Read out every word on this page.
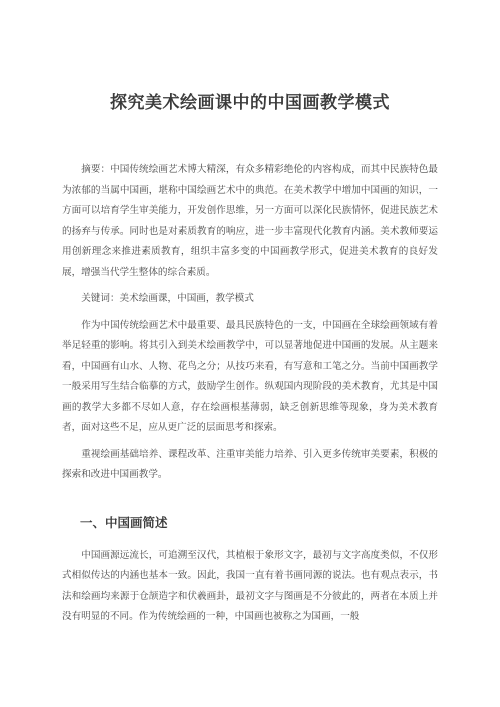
探究美术绘画课中的中国画教学模式

摘要：中国传统绘画艺术博大精深，有众多精彩绝伦的内容构成，而其中民族特色最为浓郁的当属中国画，堪称中国绘画艺术中的典范。在美术教学中增加中国画的知识，一方面可以培育学生审美能力，开发创作思维，另一方面可以深化民族情怀，促进民族艺术的扬弃与传承。同时也是对素质教育的响应，进一步丰富现代化教育内涵。美术教师要运用创新理念来推进素质教育，组织丰富多变的中国画教学形式，促进美术教育的良好发展，增强当代学生整体的综合素质。

关键词：美术绘画课，中国画，教学模式

作为中国传统绘画艺术中最重要、最具民族特色的一支，中国画在全球绘画领域有着举足轻重的影响。将其引入到美术绘画教学中，可以显著地促进中国画的发展。从主题来看，中国画有山水、人物、花鸟之分；从技巧来看，有写意和工笔之分。当前中国画教学一般采用写生结合临摹的方式，鼓励学生创作。纵观国内现阶段的美术教育，尤其是中国画的教学大多都不尽如人意，存在绘画根基薄弱，缺乏创新思维等现象，身为美术教育者，面对这些不足，应从更广泛的层面思考和探索。

重视绘画基础培养、课程改革、注重审美能力培养、引入更多传统审美要素，积极的探索和改进中国画教学。

一、中国画简述

中国画源远流长，可追溯至汉代，其植根于象形文字，最初与文字高度类似，不仅形式相似传达的内涵也基本一致。因此，我国一直有着书画同源的说法。也有观点表示，书法和绘画均来源于仓颉造字和伏羲画卦，最初文字与图画是不分彼此的，两者在本质上并没有明显的不同。作为传统绘画的一种，中国画也被称之为国画，一般
